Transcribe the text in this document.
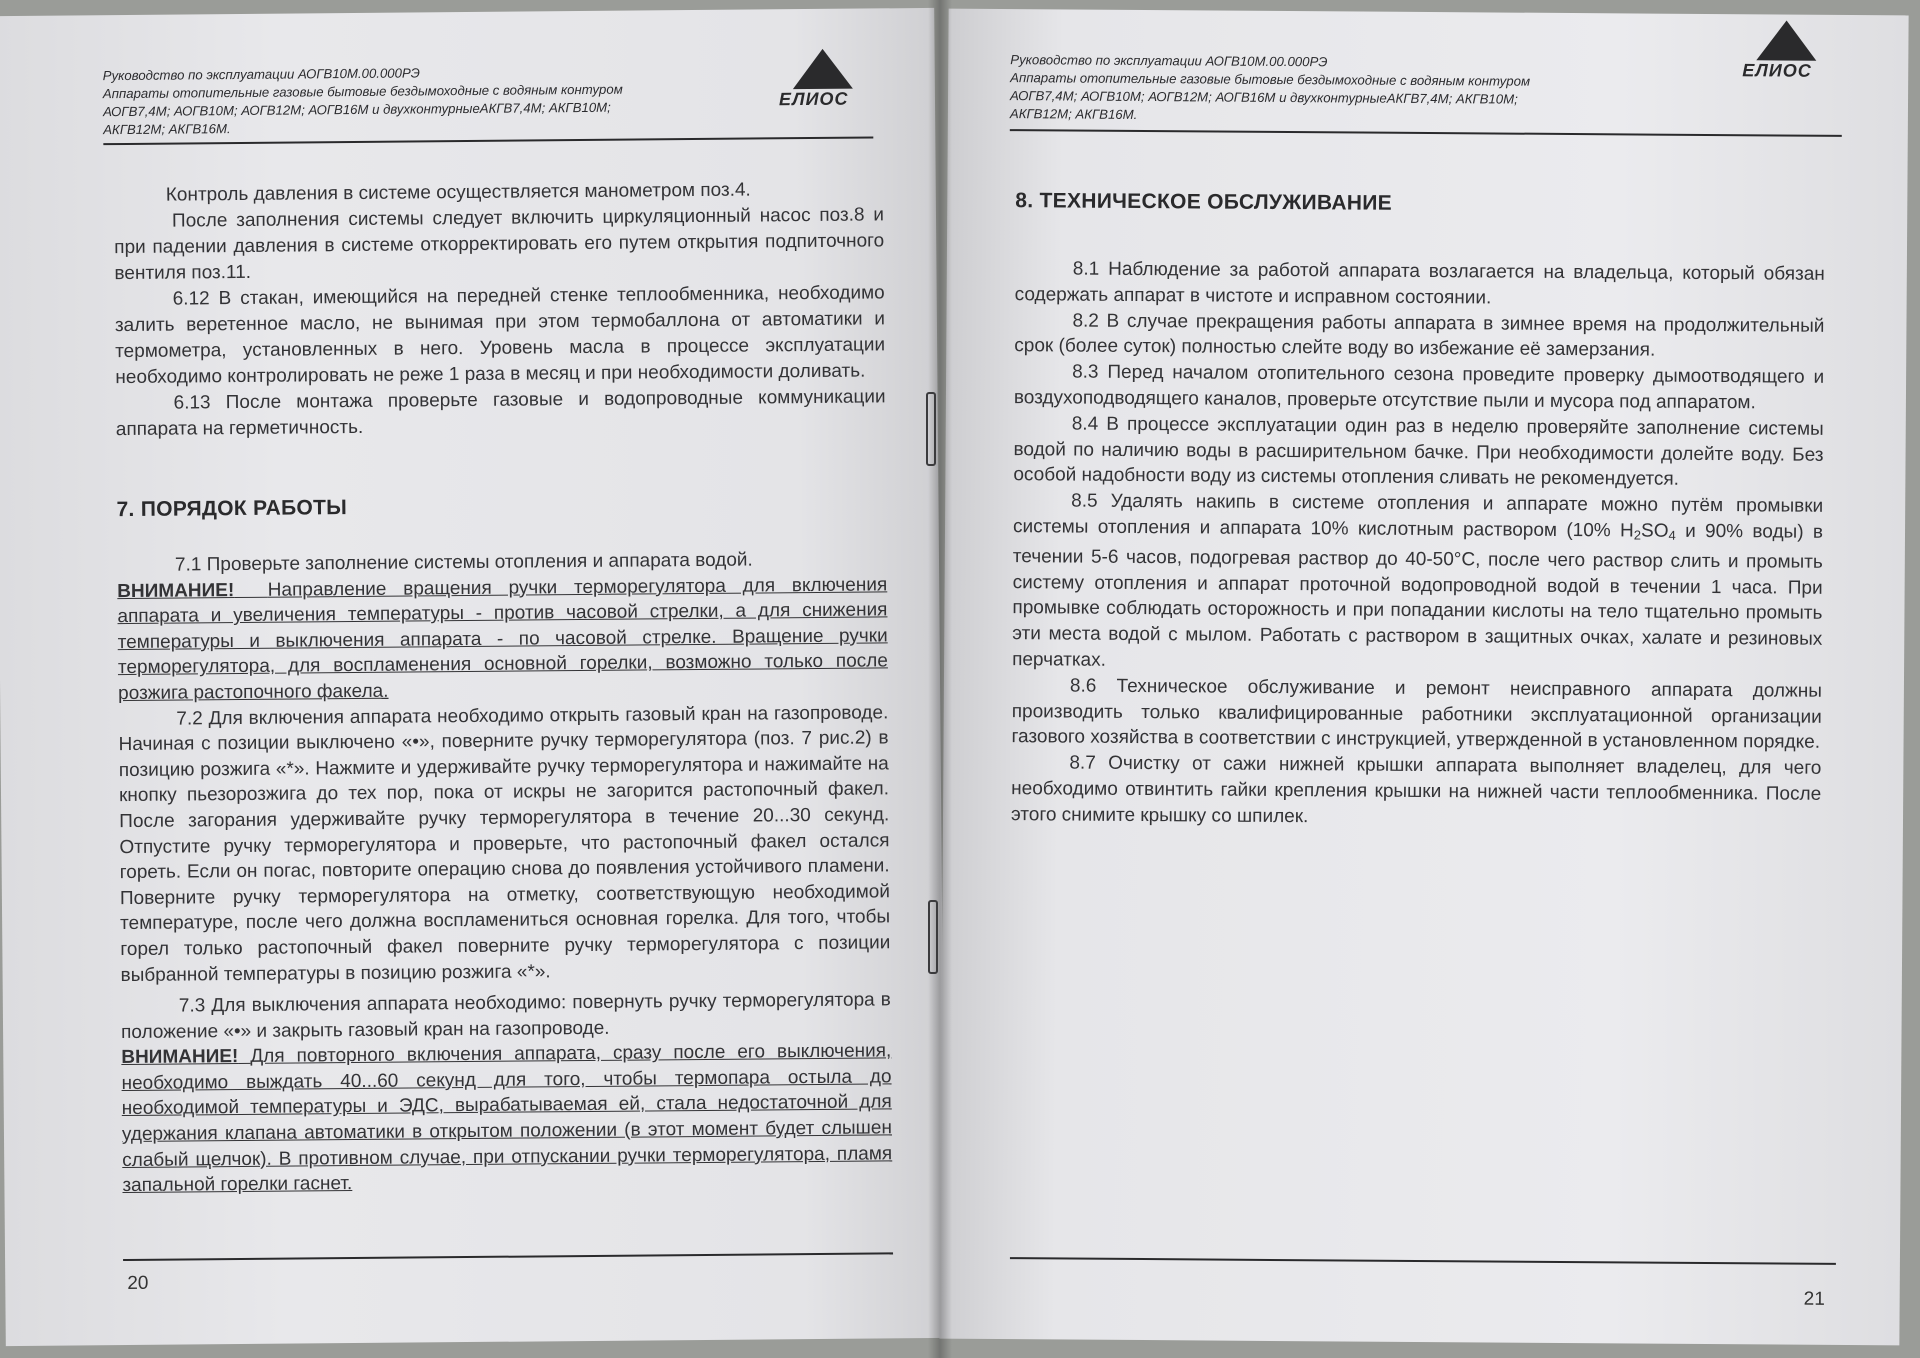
Руководство по эксплуатации АОГВ10М.00.000РЭ
Аппараты отопительные газовые бытовые бездымоходные с водяным контуром
АОГВ7,4М; АОГВ10М; АОГВ12М; АОГВ16М и двухконтурныеАКГВ7,4М; АКГВ10М;
АКГВ12М; АКГВ16М.
ЕЛИОС

Контроль давления в системе осуществляется манометром поз.4.

После заполнения системы следует включить циркуляционный насос поз.8 и при падении давления в системе откорректировать его путем открытия подпиточного вентиля поз.11.

6.12 В стакан, имеющийся на передней стенке теплообменника, необходимо залить веретенное масло, не вынимая при этом термобаллона от автоматики и термометра, установленных в него. Уровень масла в процессе эксплуатации необходимо контролировать не реже 1 раза в месяц и при необходимости доливать.

6.13 После монтажа проверьте газовые и водопроводные коммуникации аппарата на герметичность.

7. ПОРЯДОК РАБОТЫ

7.1 Проверьте заполнение системы отопления и аппарата водой.

ВНИМАНИЕ! Направление вращения ручки терморегулятора для включения аппарата и увеличения температуры - против часовой стрелки, а для снижения температуры и выключения аппарата - по часовой стрелке. Вращение ручки терморегулятора, для воспламенения основной горелки, возможно только после розжига растопочного факела.

7.2 Для включения аппарата необходимо открыть газовый кран на газопроводе. Начиная с позиции выключено «•», поверните ручку терморегулятора (поз. 7 рис.2) в позицию розжига «*». Нажмите и удерживайте ручку терморегулятора и нажимайте на кнопку пьезорозжига до тех пор, пока от искры не загорится растопочный факел. После загорания удерживайте ручку терморегулятора в течение 20...30 секунд. Отпустите ручку терморегулятора и проверьте, что растопочный факел остался гореть. Если он погас, повторите операцию снова до появления устойчивого пламени. Поверните ручку терморегулятора на отметку, соответствующую необходимой температуре, после чего должна воспламениться основная горелка. Для того, чтобы горел только растопочный факел поверните ручку терморегулятора с позиции выбранной температуры в позицию розжига «*».

7.3 Для выключения аппарата необходимо: повернуть ручку терморегулятора в положение «•» и закрыть газовый кран на газопроводе.

ВНИМАНИЕ! Для повторного включения аппарата, сразу после его выключения, необходимо выждать 40...60 секунд для того, чтобы термопара остыла до необходимой температуры и ЭДС, вырабатываемая ей, стала недостаточной для удержания клапана автоматики в открытом положении (в этот момент будет слышен слабый щелчок). В противном случае, при отпускании ручки терморегулятора, пламя запальной горелки гаснет.

20
Руководство по эксплуатации АОГВ10М.00.000РЭ
Аппараты отопительные газовые бытовые бездымоходные с водяным контуром
АОГВ7,4М; АОГВ10М; АОГВ12М; АОГВ16М и двухконтурныеАКГВ7,4М; АКГВ10М;
АКГВ12М; АКГВ16М.
ЕЛИОС
8. ТЕХНИЧЕСКОЕ ОБСЛУЖИВАНИЕ

8.1 Наблюдение за работой аппарата возлагается на владельца, который обязан содержать аппарат в чистоте и исправном состоянии.

8.2 В случае прекращения работы аппарата в зимнее время на продолжительный срок (более суток) полностью слейте воду во избежание её замерзания.

8.3 Перед началом отопительного сезона проведите проверку дымоотводящего и воздухоподводящего каналов, проверьте отсутствие пыли и мусора под аппаратом.

8.4 В процессе эксплуатации один раз в неделю проверяйте заполнение системы водой по наличию воды в расширительном бачке. При необходимости долейте воду. Без особой надобности воду из системы отопления сливать не рекомендуется.

8.5 Удалять накипь в системе отопления и аппарате можно путём промывки системы отопления и аппарата 10% кислотным раствором (10% $H_2SO_4$ и 90% воды) в течении 5-6 часов, подогревая раствор до 40-50°С, после чего раствор слить и промыть систему отопления и аппарат проточной водопроводной водой в течении 1 часа. При промывке соблюдать осторожность и при попадании кислоты на тело тщательно промыть эти места водой с мылом. Работать с раствором в защитных очках, халате и резиновых перчатках.

8.6 Техническое обслуживание и ремонт неисправного аппарата должны производить только квалифицированные работники эксплуатационной организации газового хозяйства в соответствии с инструкцией, утвержденной в установленном порядке.

8.7 Очистку от сажи нижней крышки аппарата выполняет владелец, для чего необходимо отвинтить гайки крепления крышки на нижней части теплообменника. После этого снимите крышку со шпилек.

21
